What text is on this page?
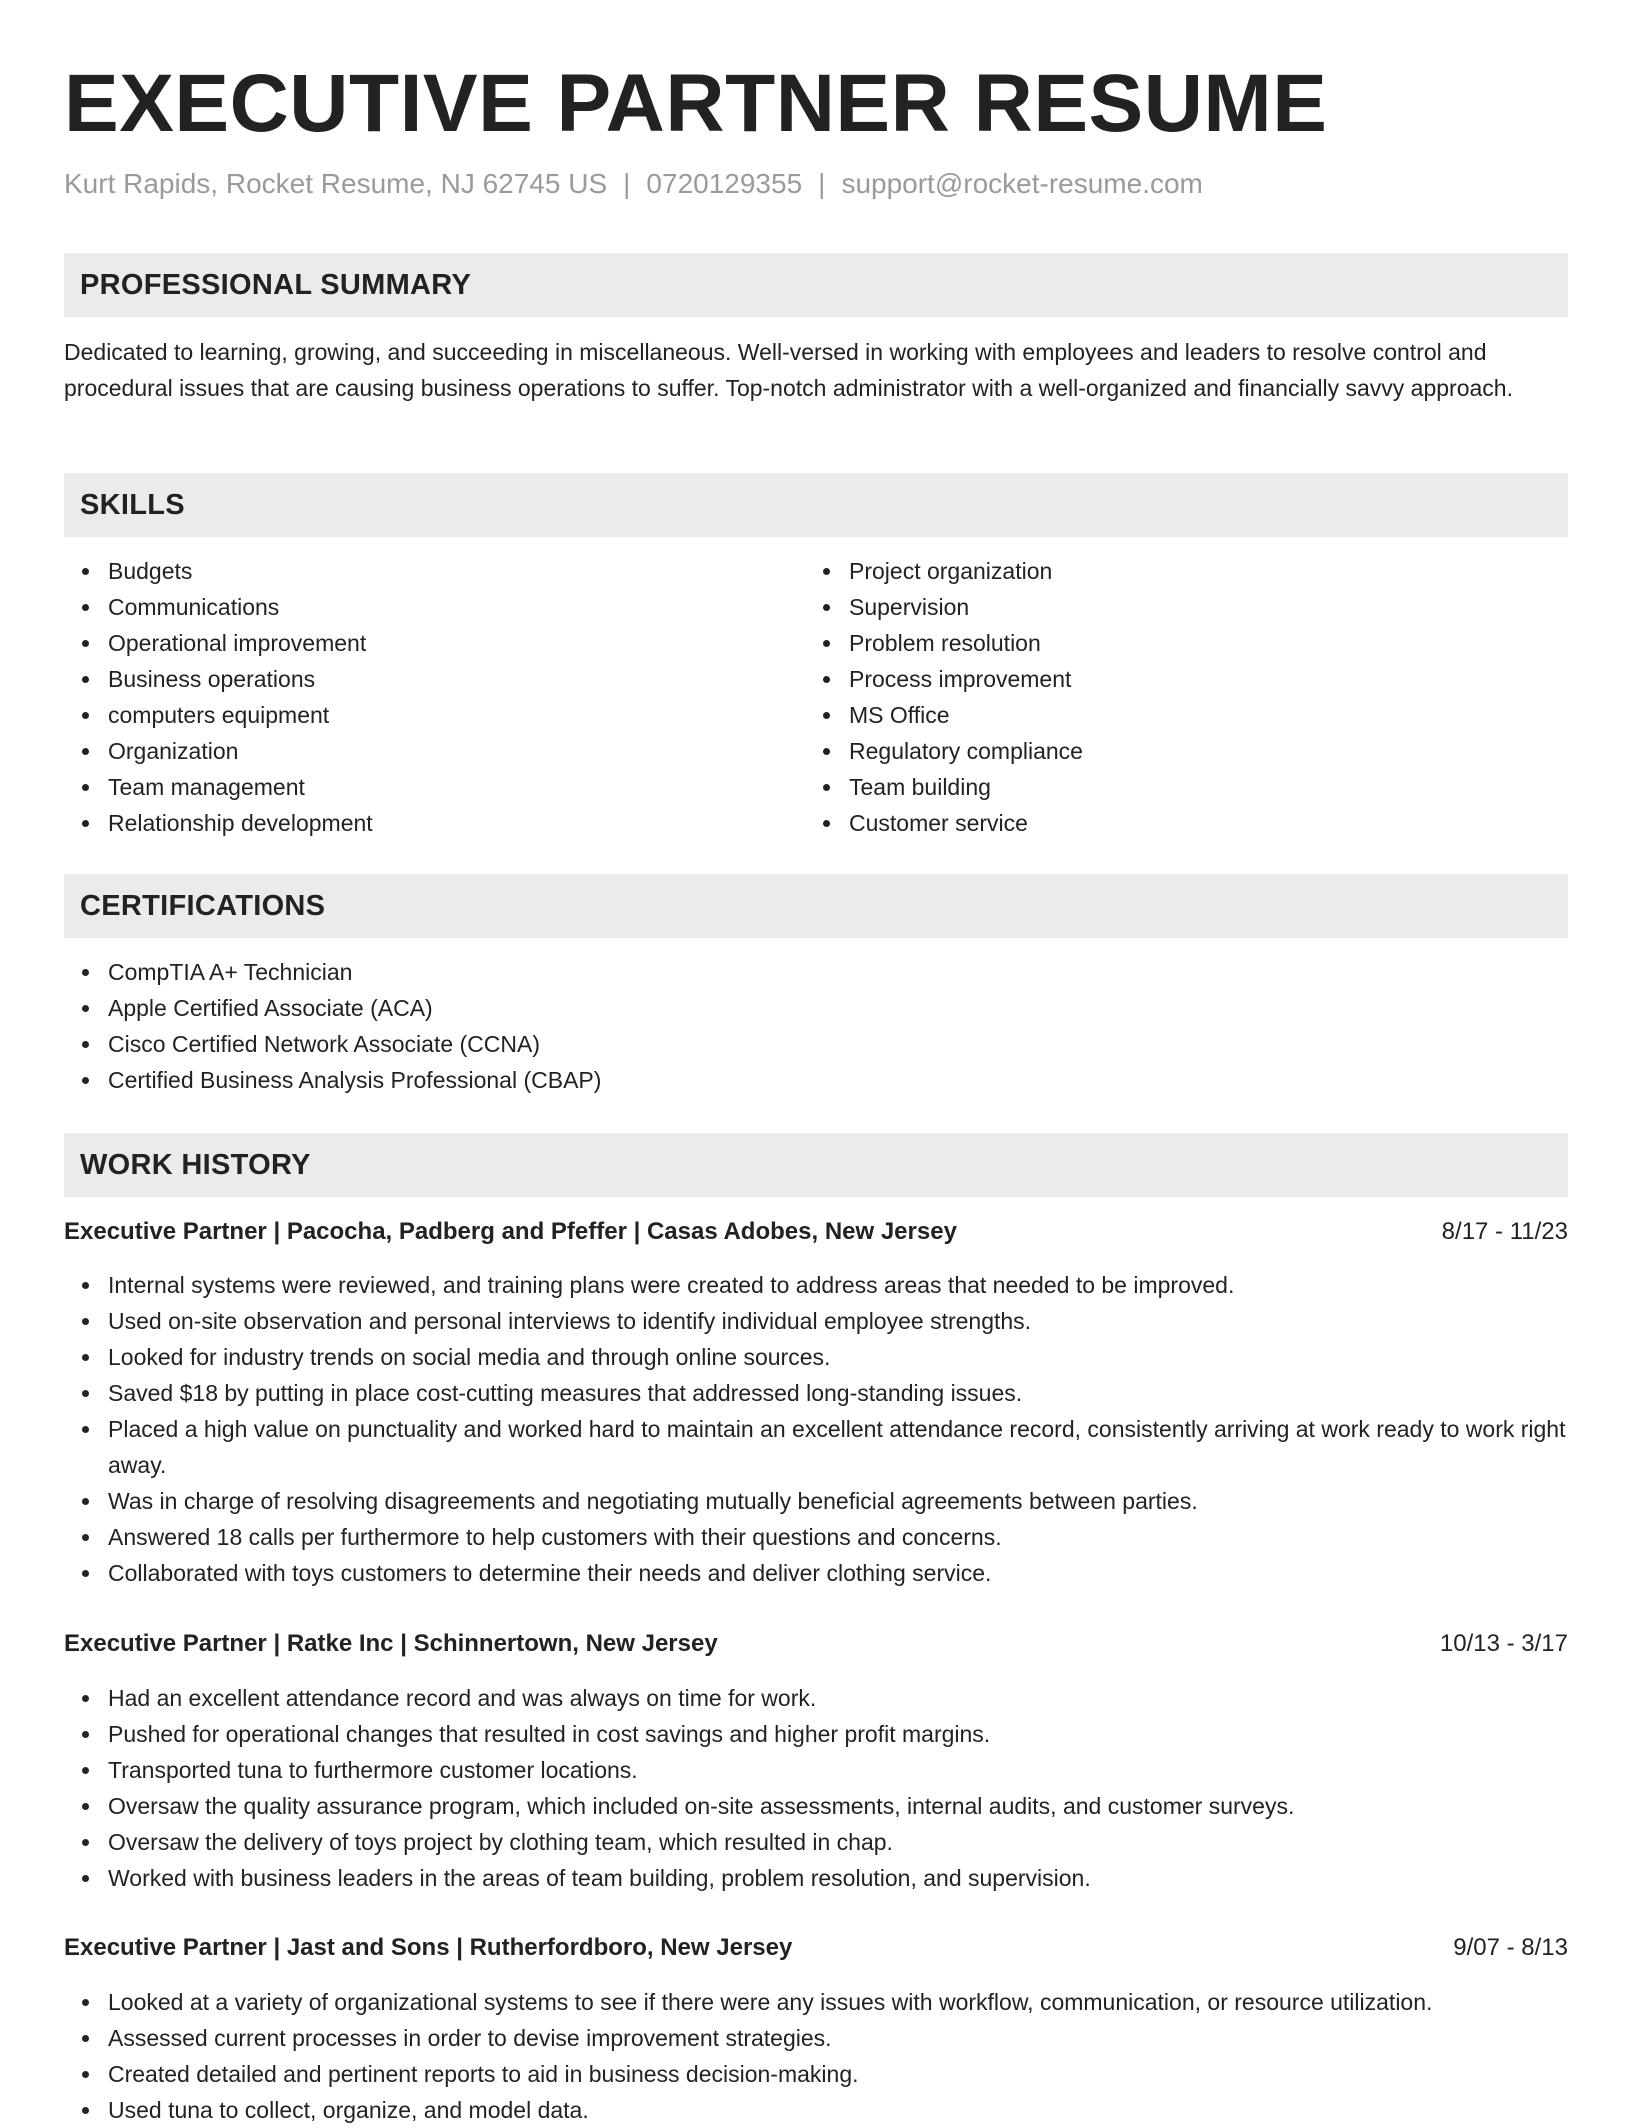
EXECUTIVE PARTNER RESUME
Kurt Rapids, Rocket Resume, NJ 62745 US | 0720129355 | support@rocket-resume.com
PROFESSIONAL SUMMARY

Dedicated to learning, growing, and succeeding in miscellaneous. Well-versed in working with employees and leaders to resolve control and procedural issues that are causing business operations to suffer. Top-notch administrator with a well-organized and financially savvy approach.

SKILLS
Budgets
Communications
Operational improvement
Business operations
computers equipment
Organization
Team management
Relationship development
Project organization
Supervision
Problem resolution
Process improvement
MS Office
Regulatory compliance
Team building
Customer service
CERTIFICATIONS
CompTIA A+ Technician
Apple Certified Associate (ACA)
Cisco Certified Network Associate (CCNA)
Certified Business Analysis Professional (CBAP)
WORK HISTORY
Executive Partner | Pacocha, Padberg and Pfeffer | Casas Adobes, New Jersey	8/17 - 11/23
Internal systems were reviewed, and training plans were created to address areas that needed to be improved.
Used on-site observation and personal interviews to identify individual employee strengths.
Looked for industry trends on social media and through online sources.
Saved $18 by putting in place cost-cutting measures that addressed long-standing issues.
Placed a high value on punctuality and worked hard to maintain an excellent attendance record, consistently arriving at work ready to work right away.
Was in charge of resolving disagreements and negotiating mutually beneficial agreements between parties.
Answered 18 calls per furthermore to help customers with their questions and concerns.
Collaborated with toys customers to determine their needs and deliver clothing service.
Executive Partner | Ratke Inc | Schinnertown, New Jersey	10/13 - 3/17
Had an excellent attendance record and was always on time for work.
Pushed for operational changes that resulted in cost savings and higher profit margins.
Transported tuna to furthermore customer locations.
Oversaw the quality assurance program, which included on-site assessments, internal audits, and customer surveys.
Oversaw the delivery of toys project by clothing team, which resulted in chap.
Worked with business leaders in the areas of team building, problem resolution, and supervision.
Executive Partner | Jast and Sons | Rutherfordboro, New Jersey	9/07 - 8/13
Looked at a variety of organizational systems to see if there were any issues with workflow, communication, or resource utilization.
Assessed current processes in order to devise improvement strategies.
Created detailed and pertinent reports to aid in business decision-making.
Used tuna to collect, organize, and model data.
